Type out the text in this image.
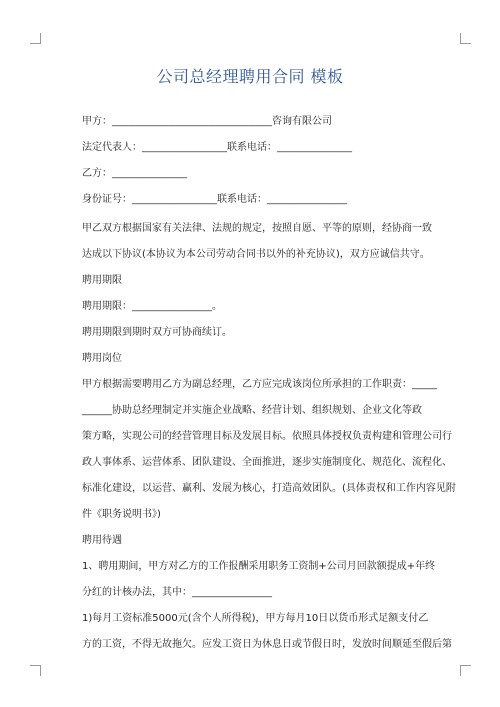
公司总经理聘用合同 模板
甲方：________________________________咨询有限公司
法定代表人：_________________联系电话：_______________
乙方：_______________
身份证号：_________________联系电话：________________
甲乙双方根据国家有关法律、法规的规定，按照自愿、平等的原则，经协商一致
达成以下协议(本协议为本公司劳动合同书以外的补充协议)，双方应诚信共守。
聘用期限
聘用期限：________________。
聘用期限到期时双方可协商续订。
聘用岗位
甲方根据需要聘用乙方为副总经理，乙方应完成该岗位所承担的工作职责：_____
______协助总经理制定并实施企业战略、经营计划、组织规划、企业文化等政
策方略，实现公司的经营管理目标及发展目标。依照具体授权负责构建和管理公司行
政人事体系、运营体系、团队建设、全面推进，逐步实施制度化、规范化、流程化、
标准化建设，以运营、赢利、发展为核心，打造高效团队。(具体责权和工作内容见附
件《职务说明书》)
聘用待遇
1、聘用期间，甲方对乙方的工作报酬采用职务工资制+公司月回款额提成+年终
分红的计核办法，其中：________________
1)每月工资标准5000元(含个人所得税)，甲方每月10日以货币形式足额支付乙
方的工资，不得无故拖欠。应发工资日为休息日或节假日时，发放时间顺延至假后第
